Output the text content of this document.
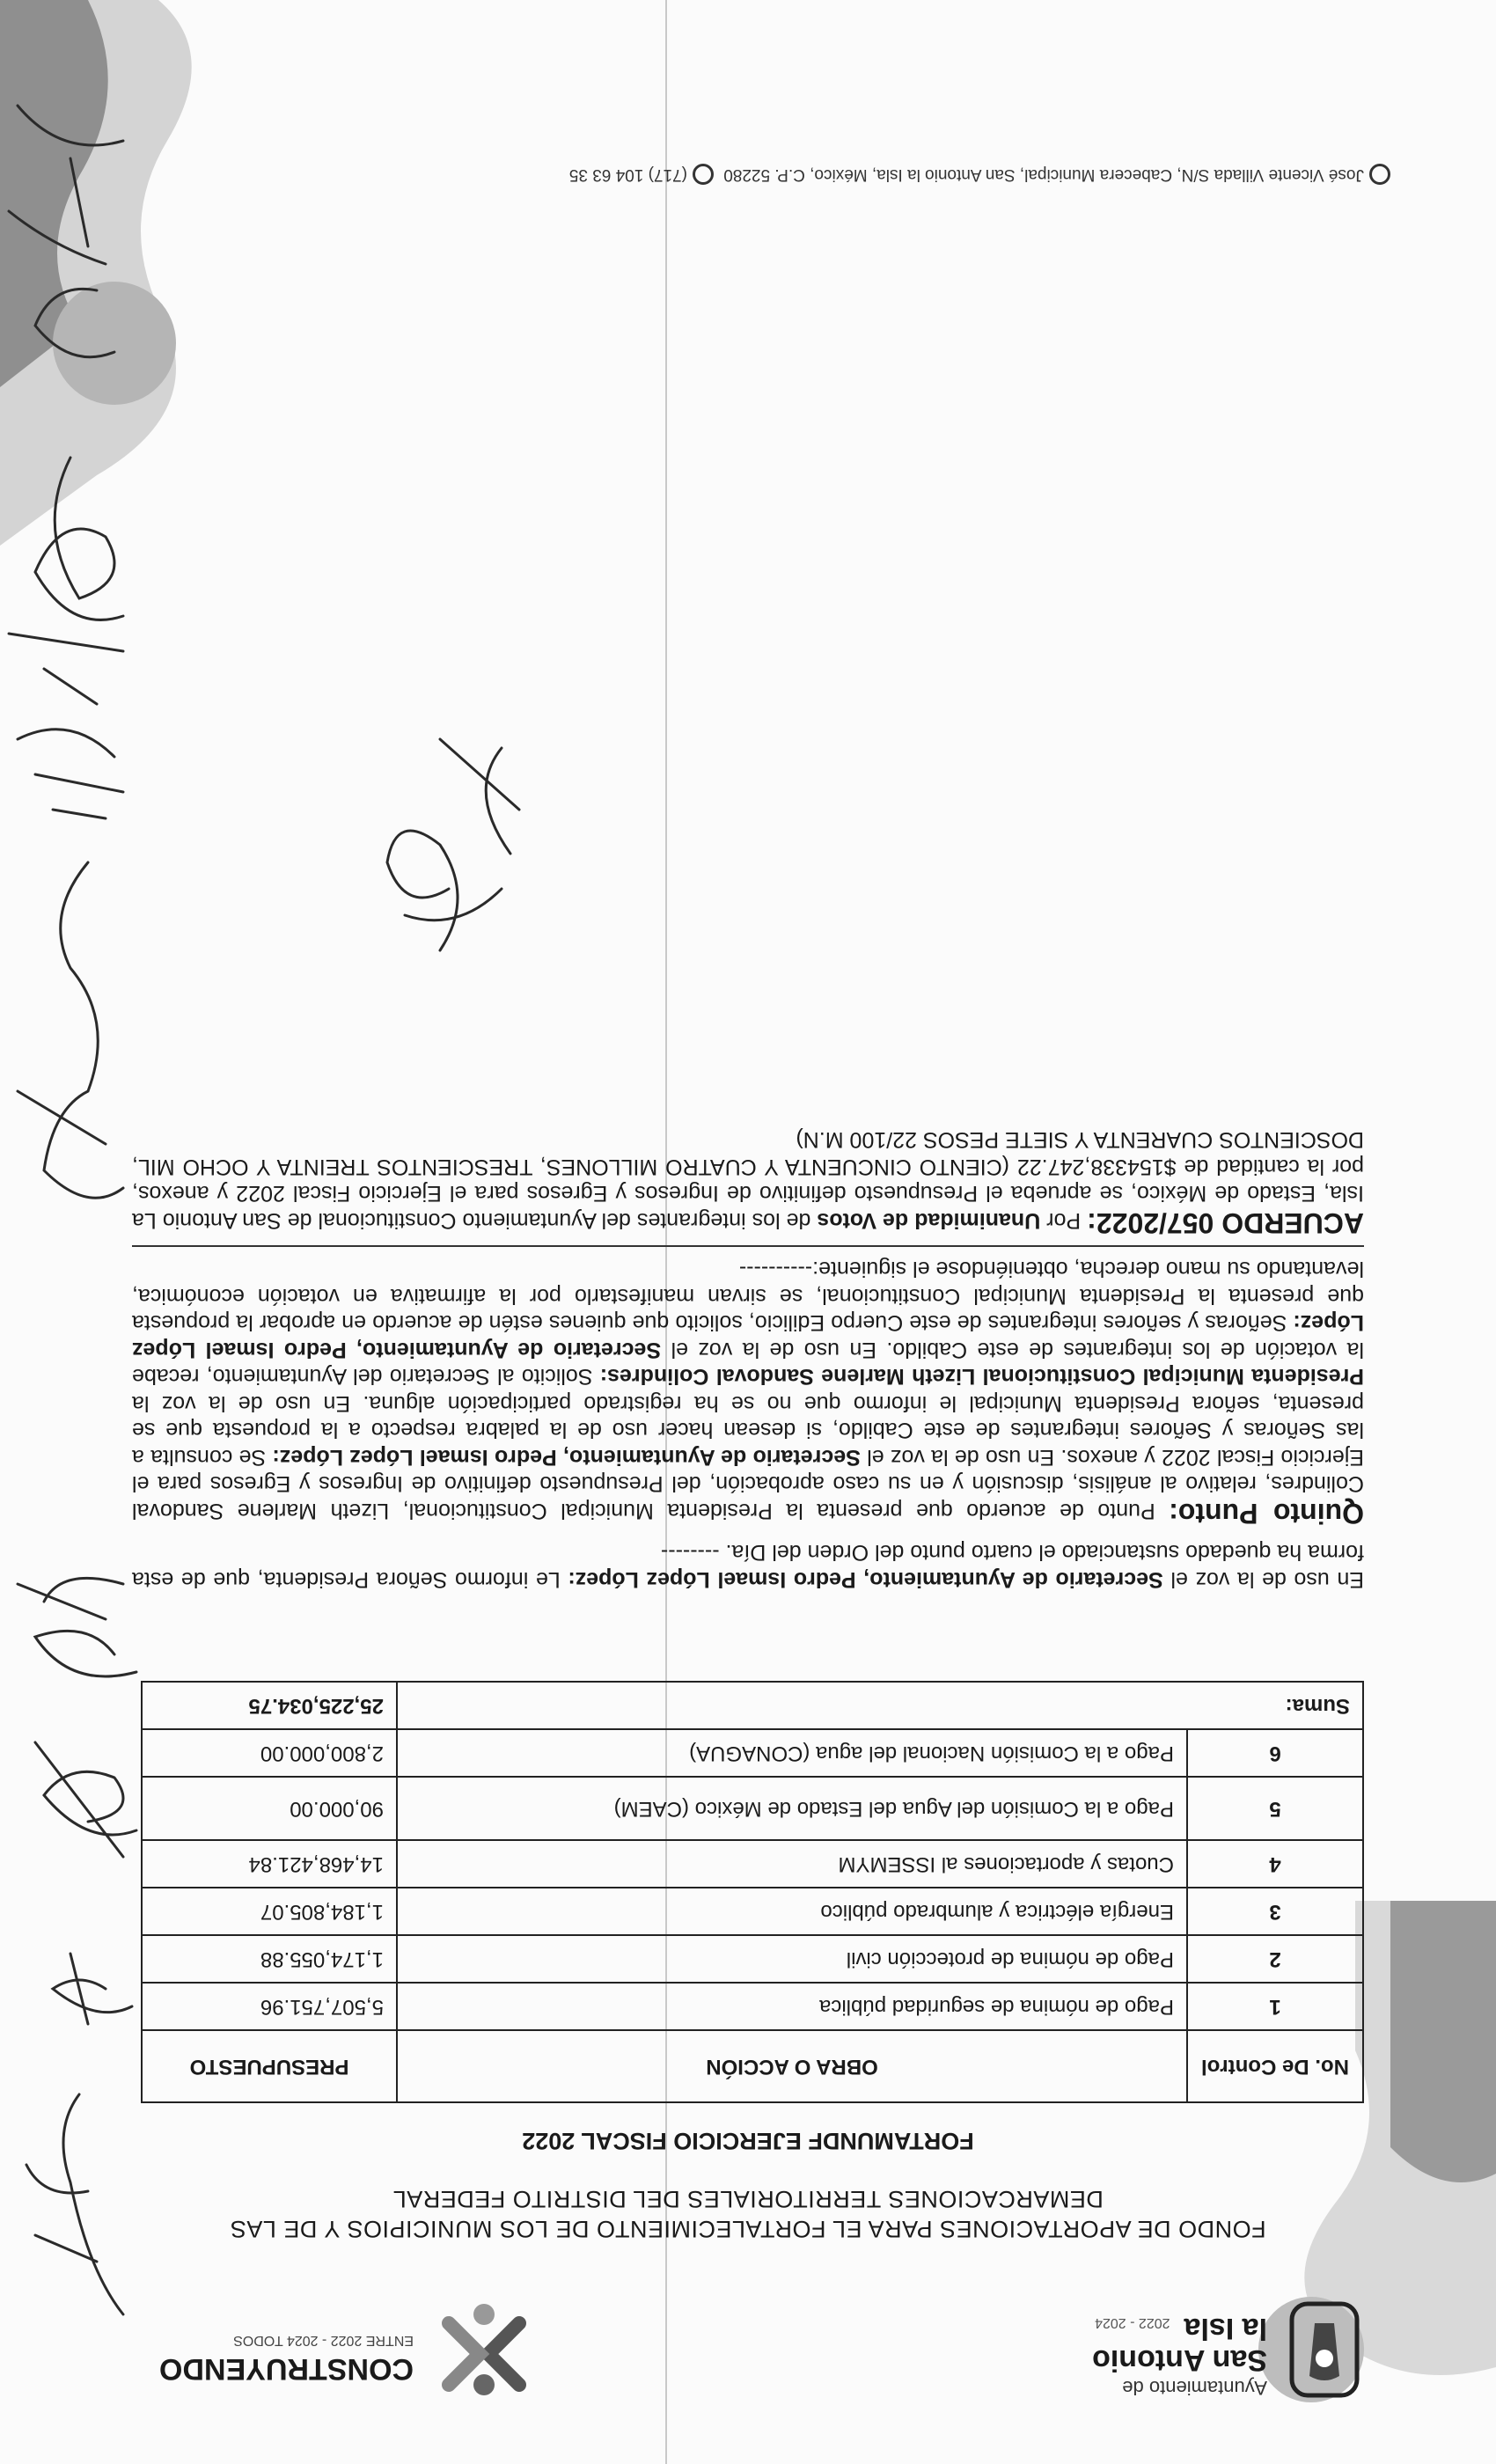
Ayuntamiento de
San Antonio
la Isla
2022 - 2024
CONSTRUYENDO
ENTRE 2022 - 2024 TODOS
FONDO DE APORTACIONES PARA EL FORTALECIMIENTO DE LOS MUNICIPIOS Y DE LAS
DEMARCACIONES TERRITORIALES DEL DISTRITO FEDERAL
FORTAMUNDF EJERCICIO FISCAL 2022
No. De Control	OBRA O ACCIÓN	PRESUPUESTO
1	Pago de nómina de seguridad pública	5,507,751.96
2	Pago de nómina de protección civil	1,174,055.88
3	Energía eléctrica y alumbrado público	1,184,805.07
4	Cuotas y aportaciones al ISSEMYM	14,468,421.84
5	Pago a la Comisión del Agua del Estado de México (CAEM)	90,000.00
6	Pago a la Comisión Nacional del agua (CONAGUA)	2,800,000.00
Suma:		25,225,034.75

En uso de la voz el Secretario de Ayuntamiento, Pedro Ismael López López: Le informo Señora Presidenta, que de esta forma ha quedado sustanciado el cuarto punto del Orden del Día. --------

Quinto Punto: Punto de acuerdo que presenta la Presidenta Municipal Constitucional, Lizeth Marlene Sandoval Colindres, relativo al análisis, discusión y en su caso aprobación, del Presupuesto definitivo de Ingresos y Egresos para el Ejercicio Fiscal 2022 y anexos. En uso de la voz el Secretario de Ayuntamiento, Pedro Ismael López López: Se consulta a las Señoras y Señores integrantes de este Cabildo, si desean hacer uso de la palabra respecto a la propuesta que se presenta, señora Presidenta Municipal le informo que no se ha registrado participación alguna. En uso de la voz la Presidenta Municipal Constitucional Lizeth Marlene Sandoval Colindres: Solicito al Secretario del Ayuntamiento, recabe la votación de los integrantes de este Cabildo. En uso de la voz el Secretario de Ayuntamiento, Pedro Ismael López López: Señoras y señores integrantes de este Cuerpo Edilicio, solicito que quienes estén de acuerdo en aprobar la propuesta que presenta la Presidenta Municipal Constitucional, se sirvan manifestarlo por la afirmativa en votación económica, levantando su mano derecha, obteniéndose el siguiente:----------

ACUERDO 057/2022: Por Unanimidad de Votos de los integrantes del Ayuntamiento Constitucional de San Antonio La Isla, Estado de México, se aprueba el Presupuesto definitivo de Ingresos y Egresos para el Ejercicio Fiscal 2022 y anexos, por la cantidad de $154338,247.22 (CIENTO CINCUENTA Y CUATRO MILLONES, TRESCIENTOS TREINTA Y OCHO MIL, DOSCIENTOS CUARENTA Y SIETE PESOS 22/100 M.N)

José Vicente Villada S/N, Cabecera Municipal, San Antonio la Isla, México, C.P. 52280 (717) 104 63 35
